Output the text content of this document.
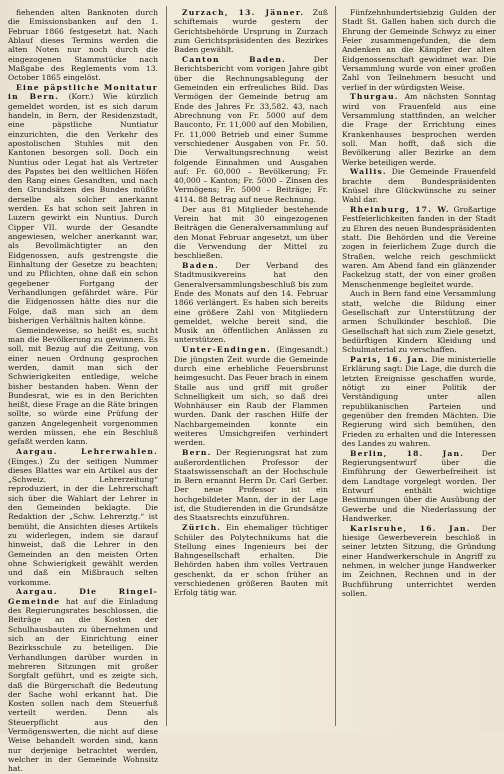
fiehenden alten Banknoten durch die Emissionsbanken auf den 1. Februar 1866 festgesetzt hat. Nach Ablauf dieses Termins werden die alten Noten nur noch durch die eingezogenen Stammstücke nach Maßgabe des Reglements vom 13. October 1865 eingelöst.

Eine päpstliche Monitatur in Bern. (Korr.) Wie kürzlich gemeldet worden, ist es sich darum handeln, in Bern, der Residenzstadt, eine päpstliche Nuntiatur einzurichten, die den Verkehr des apostolischen Stuhles mit den Kantonen besorgen soll. Doch ein Nuntius oder Legat hat als Vertreter des Papstes bei den weltlichen Höfen den Rang eines Gesandten, und nach den Grundsätzen des Bundes müßte derselbe als solcher anerkannt werden. Es hat schon seit Jahren in Luzern gewirkt ein Nuntius. Durch Cipper VII. wurde der Gesandte angewiesen, welcher anerkannt war, als Bevollmächtigter an den Eidgenossen, aufs gestrengste die Einhaltung der Gesetze zu beachten; und zu Pflichten, ohne daß ein schon gegebener Fortgang der Verhandlungen gefährdet wäre. Für die Eidgenossen hätte dies nur die Folge, daß man sich an dem bisherigen Verhältnis halten könne.

Gemeindeweise, so heißt es, sucht man die Bevölkerung zu gewinnen. Es soll, mit Bezug auf die Zeitung, von einer neuen Ordnung gesprochen werden, damit man sich der Schwierigkeiten entledige, welche bisher bestanden haben. Wenn der Bundesrat, wie es in den Berichten heißt, diese Frage an die Räte bringen sollte, so würde eine Prüfung der ganzen Angelegenheit vorgenommen werden müssen, ehe ein Beschluß gefaßt werden kann.

Aargau. Lehrerwahlen. (Einges.) Zu der seitigen Nummer dieses Blattes war ein Artikel aus der „Schweiz. Lehrerzeitung“ reproduziert, in der die Lehrerschaft sich über die Wahlart der Lehrer in den Gemeinden beklagte. Die Redaktion der „Schw. Lehrerztg.“ ist bemüht, die Ansichten dieses Artikels zu widerlegen, indem sie darauf hinweist, daß die Lehrer in den Gemeinden an den meisten Orten ohne Schwierigkeit gewählt werden und daß ein Mißbrauch selten vorkomme.

Aargau. Die Ringel-Gemeinde hat auf die Einladung des Regierungsrates beschlossen, die Beiträge an die Kosten der Schulhausbauten zu übernehmen und sich an der Einrichtung einer Bezirksschule zu beteiligen. Die Verhandlungen darüber wurden in mehreren Sitzungen mit großer Sorgfalt geführt, und es zeigte sich, daß die Bürgerschaft die Bedeutung der Sache wohl erkannt hat. Die Kosten sollen nach dem Steuerfuß verteilt werden. Denn als Steuerpflicht aus den Vermögenswerten, die nicht auf diese Weise behandelt worden sind, kann nur derjenige betrachtet werden, welcher in der Gemeinde Wohnsitz hat.

Zurzach, 13. Jänner. Zuß schiftemais wurde gestern der Gerichtsbehörde Ursprung in Zurzach zum Gerichtspräsidenten des Bezirkes Baden gewählt.

Canton Baden.	Der Berichtsbericht vom vorigen Jahre gibt über die Rechnungsablegung der Gemeinden ein erfreuliches Bild. Das Vermögen der Gemeinde betrug am Ende des Jahres Fr. 33,582. 43, nach Abrechnung von Fr. 5000 auf dem Bauconto, Fr. 11,000 auf den Mobilien, Fr. 11,000 Betrieb und einer Summe verschiedener Ausgaben von Fr. 50. Die Verwaltungsrechnung weist folgende Einnahmen und Ausgaben auf: Fr. 60,000 – Bevölkerung; Fr. 40,000 – Kanton; Fr. 5000 – Zinsen des Vermögens; Fr. 5000 – Beiträge; Fr. 4114. 88 Betrag auf neue Rechnung.

Der aus 81 Mitglieder bestehende Verein hat mit 30 eingezogenen Beiträgen die Generalversammlung auf den Monat Februar angesetzt, um über die Verwendung der Mittel zu beschließen.

Baden. Der Verband des Stadtmusikvereins hat den Generalversammlungsbeschluß bis zum Ende des Monats auf den 14. Februar 1866 verlängert. Es haben sich bereits eine größere Zahl von Mitgliedern gemeldet, welche bereit sind, die Musik an öffentlichen Anlässen zu unterstützen.

Unter-Endingen. (Eingesandt.) Die jüngsten Zeit wurde die Gemeinde durch eine erhebliche Feuersbrunst heimgesucht. Das Feuer brach in einem Stalle aus und griff mit großer Schnelligkeit um sich, so daß drei Wohnhäuser ein Raub der Flammen wurden. Dank der raschen Hilfe der Nachbargemeinden konnte ein weiteres Umsichgreifen verhindert werden.

Bern. Der Regierungsrat hat zum außerordentlichen Professor der Staatswissenschaft an der Hochschule in Bern ernannt Herrn Dr. Carl Gerber. Der neue Professor ist ein hochgebildeter Mann, der in der Lage ist, die Studierenden in die Grundsätze des Staatsrechts einzuführen.

Zürich. Ein ehemaliger tüchtiger Schüler des Polytechnikums hat die Stellung eines Ingenieurs bei der Bahngesellschaft erhalten. Die Behörden haben ihm volles Vertrauen geschenkt, da er schon früher an verschiedenen größeren Bauten mit Erfolg tätig war.

Fünfzehnhundertsiebzig Gulden der Stadt St. Gallen haben sich durch die Ehrung der Gemeinde Schwyz zu einer Feier zusammengefunden, die dem Andenken an die Kämpfer der alten Eidgenossenschaft gewidmet war. Die Versammlung wurde von einer großen Zahl von Teilnehmern besucht und verlief in der würdigsten Weise.

Thurgau. Am nächsten Sonntag wird von Frauenfeld aus eine Versammlung stattfinden, an welcher die Frage der Errichtung eines Krankenhauses besprochen werden soll. Man hofft, daß sich die Bevölkerung aller Bezirke an dem Werke beteiligen werde.

Wallis. Die Gemeinde Frauenfeld brachte dem Bundespräsidenten Knüsel ihre Glückwünsche zu seiner Wahl dar.

Rheinburg, 17. W. Großartige Festfeierlichkeiten fanden in der Stadt zu Ehren des neuen Bundespräsidenten statt. Die Behörden und die Vereine zogen in feierlichem Zuge durch die Straßen, welche reich geschmückt waren. Am Abend fand ein glänzender Fackelzug statt, der von einer großen Menschenmenge begleitet wurde.

Auch in Bern fand eine Versammlung statt, welche die Bildung einer Gesellschaft zur Unterstützung der armen Schulkinder beschloß. Die Gesellschaft hat sich zum Ziele gesetzt, bedürftigen Kindern Kleidung und Schulmaterial zu verschaffen.

Paris, 16. Jan. Die ministerielle Erklärung sagt: Die Lage, die durch die letzten Ereignisse geschaffen wurde, nötigt zu einer Politik der Verständigung unter allen republikanischen Parteien und gegenüber den fremden Mächten. Die Regierung wird sich bemühen, den Frieden zu erhalten und die Interessen des Landes zu wahren.

Berlin, 18. Jan. Der Regierungsentwurf über die Einführung der Gewerbefreiheit ist dem Landtage vorgelegt worden. Der Entwurf enthält wichtige Bestimmungen über die Ausübung der Gewerbe und die Niederlassung der Handwerker.

Karlsruhe, 16. Jan. Der hiesige Gewerbeverein beschloß in seiner letzten Sitzung, die Gründung einer Handwerkerschule in Angriff zu nehmen, in welcher junge Handwerker im Zeichnen, Rechnen und in der Buchführung unterrichtet werden sollen.
